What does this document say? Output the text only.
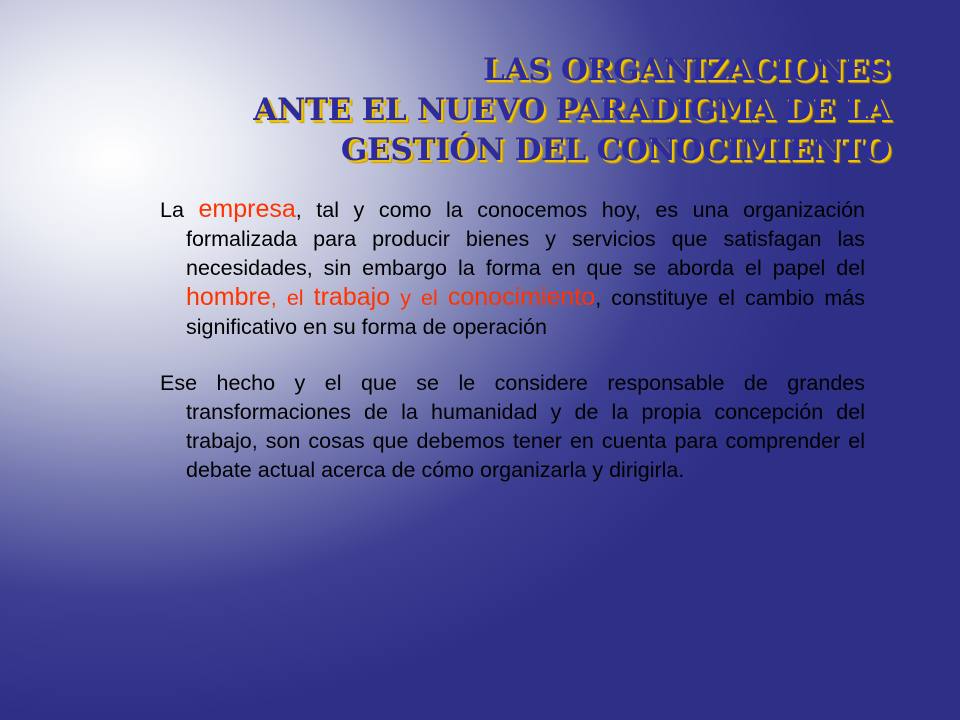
LAS ORGANIZACIONES
ANTE EL NUEVO PARADIGMA DE LA
GESTIÓN DEL CONOCIMIENTO

La empresa, tal y como la conocemos hoy, es una organización formalizada para producir bienes y servicios que satisfagan las necesidades, sin embargo la forma en que se aborda el papel del hombre, el trabajo y el conocimiento, constituye el cambio más significativo en su forma de operación

Ese hecho y el que se le considere responsable de grandes transformaciones de la humanidad y de la propia concepción del trabajo, son cosas que debemos tener en cuenta para comprender el debate actual acerca de cómo organizarla y dirigirla.
